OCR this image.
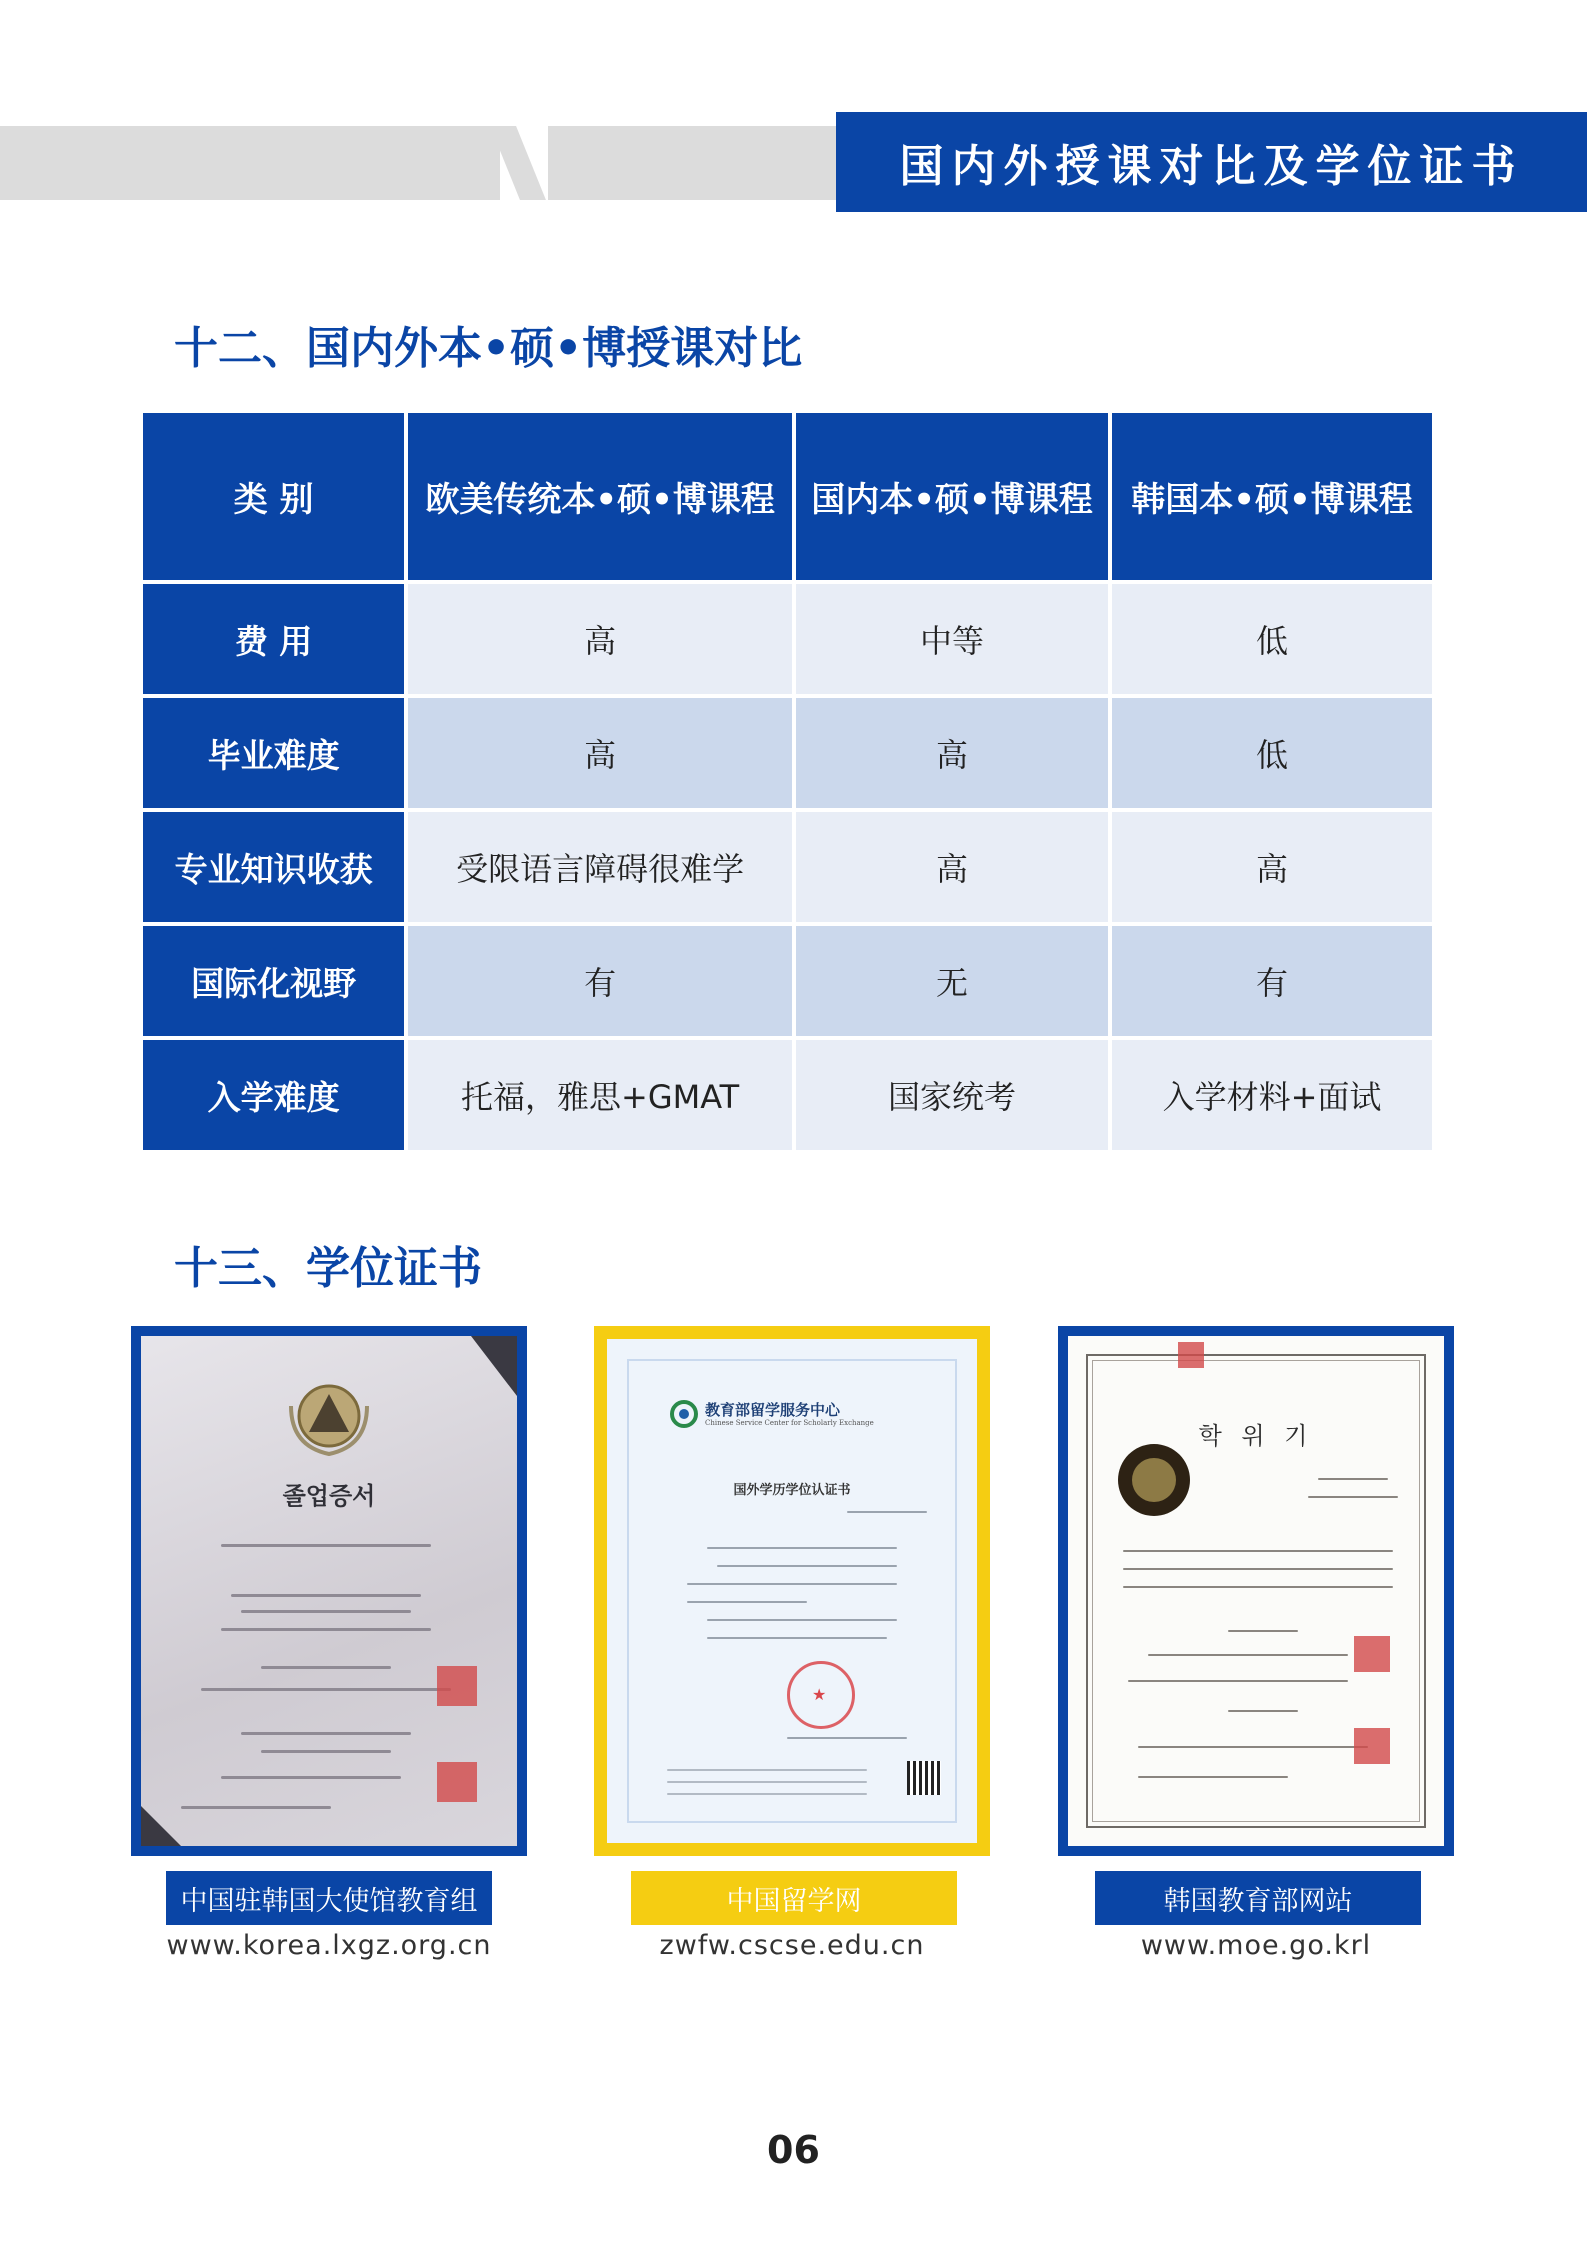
国内外授课对比及学位证书
十二、国内外本•硕•博授课对比
类 别	欧美传统本•硕•博课程	国内本•硕•博课程	韩国本•硕•博课程
费 用	高	中等	低
毕业难度	高	高	低
专业知识收获	受限语言障碍很难学	高	高
国际化视野	有	无	有
入学难度	托福，雅思+GMAT	国家统考	入学材料+面试
十三、学位证书
졸업증서
中国驻韩国大使馆教育组
www.korea.lxgz.org.cn
教育部留学服务中心
Chinese Service Center for Scholarly Exchange
国外学历学位认证书
★
中国留学网
zwfw.cscse.edu.cn
학 위 기
韩国教育部网站
www.moe.go.krl
06
